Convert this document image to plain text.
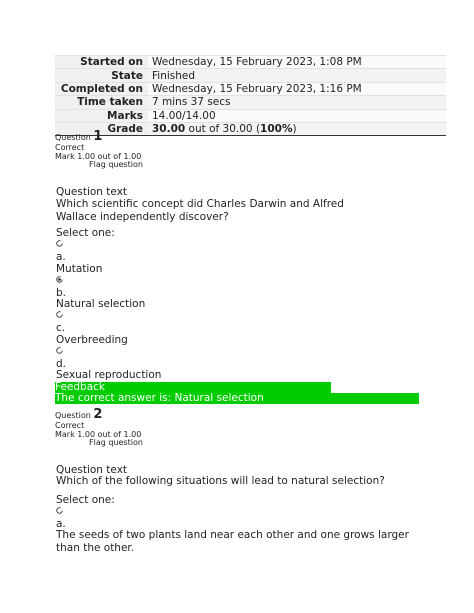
Started on	Wednesday, 15 February 2023, 1:08 PM
State	Finished
Completed on	Wednesday, 15 February 2023, 1:16 PM
Time taken	7 mins 37 secs
Marks	14.00/14.00
Grade	30.00 out of 30.00 (100%)
Question 1
Correct
Mark 1.00 out of 1.00
Flag question
Question text
Which scientific concept did Charles Darwin and Alfred Wallace independently discover?
Select one:
a.
Mutation
b.
Natural selection
c.
Overbreeding
d.
Sexual reproduction
Feedback
The correct answer is: Natural selection
Question 2
Correct
Mark 1.00 out of 1.00
Flag question
Question text
Which of the following situations will lead to natural selection?
Select one:
a.
The seeds of two plants land near each other and one grows larger than the other.
